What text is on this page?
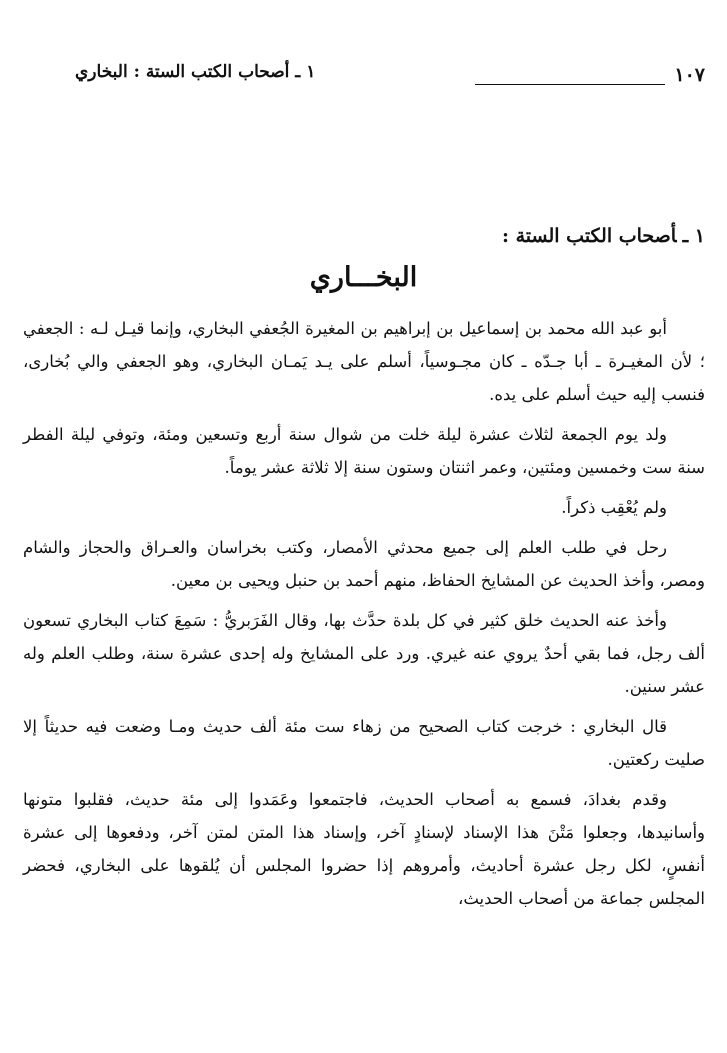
١٠٧
١ ـ أصحاب الكتب الستة : البخاري
١ ـأصحاب الكتب الستة :
البخـــاري

أبو عبد الله محمد بن إسماعيل بن إبراهيم بن المغيرة الجُعفي البخاري، وإنما قيـل لـه : الجعفي ؛ لأن المغيـرة ـ أبا جـدّه ـ كان مجـوسياً، أسلم على يـد يَمـان البخاري، وهو الجعفي والي بُخارى، فنسب إليه حيث أسلم على يده.

ولد يوم الجمعة لثلاث عشرة ليلة خلت من شوال سنة أربع وتسعين ومئة، وتوفي ليلة الفطر سنة ست وخمسين ومئتين، وعمر اثنتان وستون سنة إلا ثلاثة عشر يوماً.

ولم يُعْقِب ذكراً.

رحل في طلب العلم إلى جميع محدثي الأمصار، وكتب بخراسان والعـراق والحجاز والشام ومصر، وأخذ الحديث عن المشايخ الحفاظ، منهم أحمد بن حنبل ويحيى بن معين.

وأخذ عنه الحديث خلق كثير في كل بلدة حدَّث بها، وقال الفَرَبريُّ : سَمِعَ كتاب البخاري تسعون ألف رجل، فما بقي أحدٌ يروي عنه غيري. ورد على المشايخ وله إحدى عشرة سنة، وطلب العلم وله عشر سنين.

قال البخاري : خرجت كتاب الصحيح من زهاء ست مئة ألف حديث ومـا وضعت فيه حديثاً إلا صليت ركعتين.

وقدم بغدادَ، فسمع به أصحاب الحديث، فاجتمعوا وعَمَدوا إلى مئة حديث، فقلبوا متونها وأسانيدها، وجعلوا مَتْنَ هذا الإسناد لإسنادٍ آخر، وإسناد هذا المتن لمتن آخر، ودفعوها إلى عشرة أنفسٍ، لكل رجل عشرة أحاديث، وأمروهم إذا حضروا المجلس أن يُلقوها على البخاري، فحضر المجلس جماعة من أصحاب الحديث،
